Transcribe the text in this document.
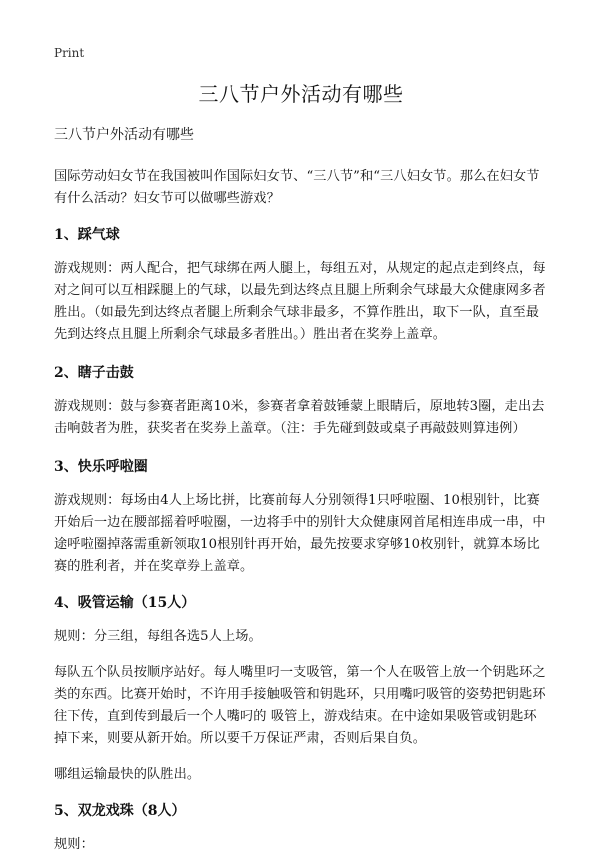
Print

三八节户外活动有哪些

三八节户外活动有哪些

国际劳动妇女节在我国被叫作国际妇女节、“三八节”和“三八妇女节。那么在妇女节有什么活动？妇女节可以做哪些游戏？

1、踩气球

游戏规则：两人配合，把气球绑在两人腿上，每组五对，从规定的起点走到终点，每对之间可以互相踩腿上的气球，以最先到达终点且腿上所剩余气球最大众健康网多者胜出。（如最先到达终点者腿上所剩余气球非最多，不算作胜出，取下一队，直至最先到达终点且腿上所剩余气球最多者胜出。）胜出者在奖券上盖章。

2、瞎子击鼓

游戏规则：鼓与参赛者距离10米，参赛者拿着鼓锤蒙上眼睛后，原地转3圈，走出去击响鼓者为胜，获奖者在奖券上盖章。（注：手先碰到鼓或桌子再敲鼓则算违例）

3、快乐呼啦圈

游戏规则：每场由4人上场比拼，比赛前每人分别领得1只呼啦圈、10根别针，比赛开始后一边在腰部摇着呼啦圈，一边将手中的别针大众健康网首尾相连串成一串，中途呼啦圈掉落需重新领取10根别针再开始，最先按要求穿够10枚别针，就算本场比赛的胜利者，并在奖章券上盖章。

4、吸管运输（15人）

规则：分三组，每组各选5人上场。

每队五个队员按顺序站好。每人嘴里叼一支吸管，第一个人在吸管上放一个钥匙环之类的东西。比赛开始时，不许用手接触吸管和钥匙环，只用嘴叼吸管的姿势把钥匙环往下传，直到传到最后一个人嘴叼的 吸管上，游戏结束。在中途如果吸管或钥匙环掉下来，则要从新开始。所以要千万保证严肃，否则后果自负。

哪组运输最快的队胜出。

5、双龙戏珠（8人）

规则：
